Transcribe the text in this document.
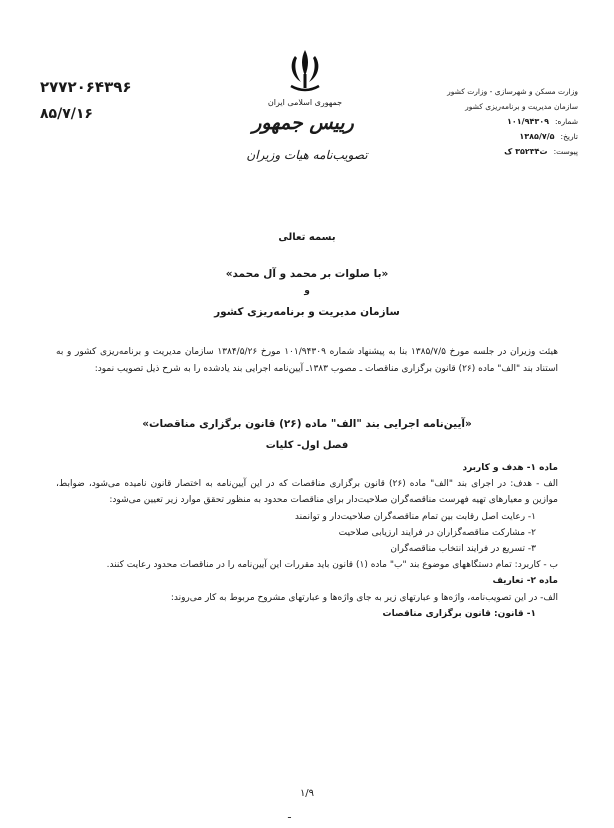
جمهوری اسلامی ایران
رییس جمهور
تصویب‌نامه هیات وزیران
۲۷۷۲۰۶۴۳۹۶
۸۵/۷/۱۶
وزارت مسکن و شهرسازی - وزارت کشور
سازمان مدیریت و برنامه‌ریزی کشور
شماره:۱۰۱/۹۴۳۰۹
تاریخ:۱۳۸۵/۷/۵
پیوست:ت۳۵۲۳۴ ک
بسمه تعالی
«با صلوات بر محمد و آل محمد»
و
سازمان مدیریت و برنامه‌ریزی کشور
هیئت وزیران در جلسه مورخ ۱۳۸۵/۷/۵ بنا به پیشنهاد شماره ۱۰۱/۹۴۳۰۹ مورخ ۱۳۸۴/۵/۲۶ سازمان مدیریت و برنامه‌ریزی کشور و به استناد بند "الف" ماده (۲۶) قانون برگزاری مناقصات ـ مصوب ۱۳۸۳ـ آیین‌نامه اجرایی بند یادشده را به شرح ذیل تصویب نمود:
«آیین‌نامه اجرایی بند "الف" ماده (۲۶) قانون برگزاری مناقصات»
فصل اول- کلیات

ماده ۱- هدف و کاربرد

الف - هدف: در اجرای بند "الف" ماده (۲۶) قانون برگزاری مناقصات که در این آیین‌نامه به اختصار قانون نامیده می‌شود، ضوابط، موازین و معیارهای تهیه فهرست مناقصه‌گران صلاحیت‌دار برای مناقصات محدود به منظور تحقق موارد زیر تعیین می‌شود:

۱- رعایت اصل رقابت بین تمام مناقصه‌گران صلاحیت‌دار و توانمند

۲- مشارکت مناقصه‌گزاران در فرایند ارزیابی صلاحیت

۳- تسریع در فرایند انتخاب مناقصه‌گران

ب - کاربرد: تمام دستگاههای موضوع بند "ب" ماده (۱) قانون باید مقررات این آیین‌نامه را در مناقصات محدود رعایت کنند.

ماده ۲- تعاریف

الف- در این تصویب‌نامه، واژه‌ها و عبارتهای زیر به جای واژه‌ها و عبارتهای مشروح مربوط به کار می‌روند:

۱- قانون: قانون برگزاری مناقصات

۱/۹
ـ
